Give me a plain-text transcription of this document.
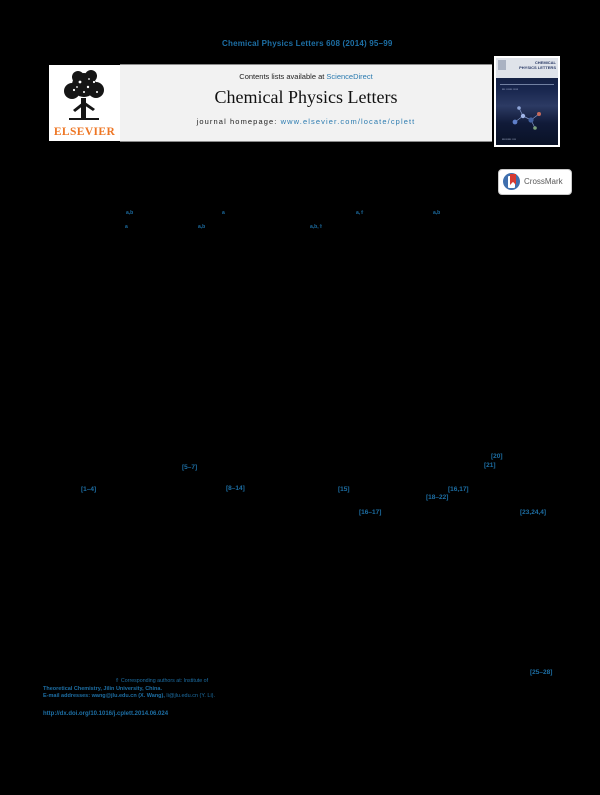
Chemical Physics Letters 608 (2014) 95–99
ELSEVIER
Contents lists available at ScienceDirect
Chemical Physics Letters
journal homepage: www.elsevier.com/locate/cplett
CHEMICAL PHYSICS LETTERS
▪▪▪ ▪▪▪▪▪ ▪▪▪▪
▪▪▪▪▪▪▪▪ ▪▪▪
CrossMark
a,b	a	a,⇑	a,b
a	a,b	a,b,⇑
[5–7]
[1–4]	[8–14]	[15]	[16,17]
[18–22]
[20]
[21]
[16–17]	[23,24,4]
[25–28]
⇑ Corresponding authors at: Institute of
Theoretical Chemistry, Jilin University, China.
E-mail addresses: wang@jlu.edu.cn (X. Wang), li@jlu.edu.cn (Y. Li).
http://dx.doi.org/10.1016/j.cplett.2014.06.024
